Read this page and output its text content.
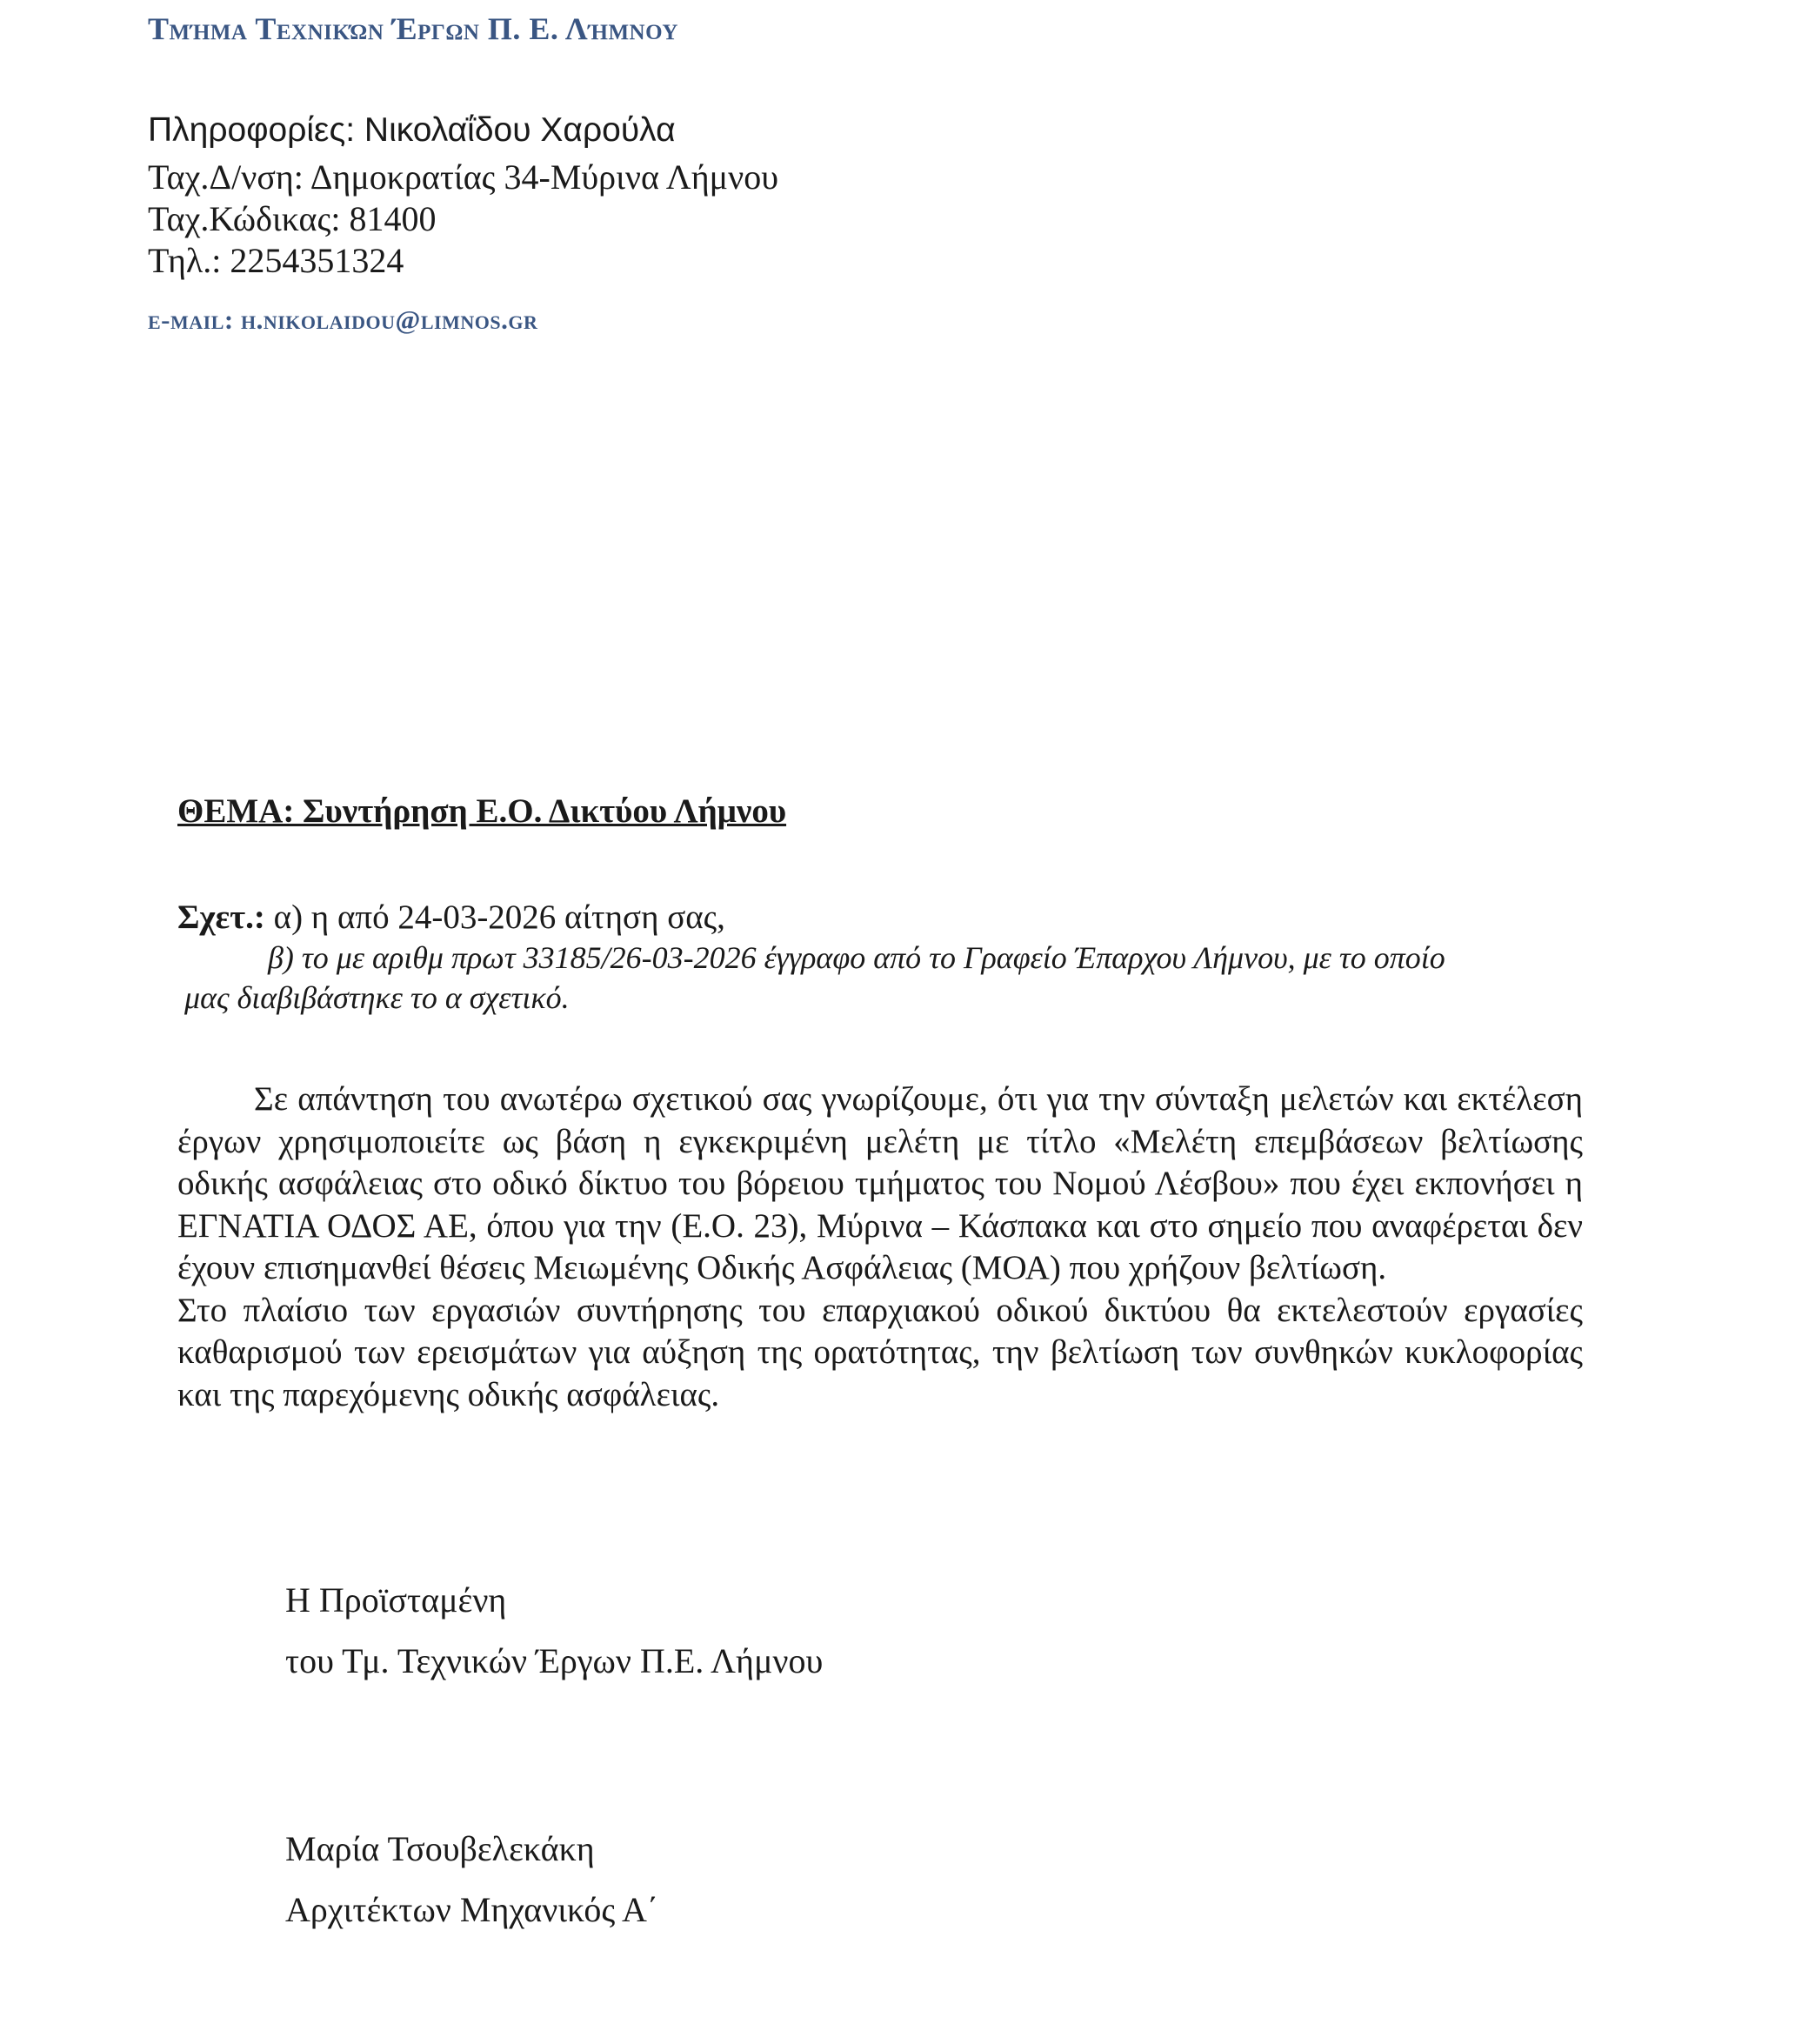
Τμήμα Τεχνικών Έργων Π. Ε. Λήμνου
Πληροφορίες: Νικολαΐδου Χαρούλα
Ταχ.Δ/νση: Δημοκρατίας 34-Μύρινα Λήμνου
Ταχ.Κώδικας: 81400
Τηλ.: 2254351324
e-mail: h.nikolaidou@limnos.gr
ΘΕΜΑ: Συντήρηση Ε.Ο. Δικτύου Λήμνου
Σχετ.: α) η από 24-03-2026 αίτηση σας,
β) το με αριθμ πρωτ 33185/26-03-2026 έγγραφο από το Γραφείο Έπαρχου Λήμνου, με το οποίο
μας διαβιβάστηκε το α σχετικό.

Σε απάντηση του ανωτέρω σχετικού σας γνωρίζουμε, ότι για την σύνταξη μελετών και εκτέλεση έργων χρησιμοποιείτε ως βάση η εγκεκριμένη μελέτη με τίτλο «Μελέτη επεμβάσεων βελτίωσης οδικής ασφάλειας στο οδικό δίκτυο του βόρειου τμήματος του Νομού Λέσβου» που έχει εκπονήσει η ΕΓΝΑΤΙΑ ΟΔΟΣ ΑΕ, όπου για την (Ε.Ο. 23), Μύρινα – Κάσπακα και στο σημείο που αναφέρεται δεν έχουν επισημανθεί θέσεις Μειωμένης Οδικής Ασφάλειας (ΜΟΑ) που χρήζουν βελτίωση.

Στο πλαίσιο των εργασιών συντήρησης του επαρχιακού οδικού δικτύου θα εκτελεστούν εργασίες καθαρισμού των ερεισμάτων για αύξηση της ορατότητας, την βελτίωση των συνθηκών κυκλοφορίας και της παρεχόμενης οδικής ασφάλειας.

Η Προϊσταμένη
του Τμ. Τεχνικών Έργων Π.Ε. Λήμνου
Μαρία Τσουβελεκάκη
Αρχιτέκτων Μηχανικός Α΄
